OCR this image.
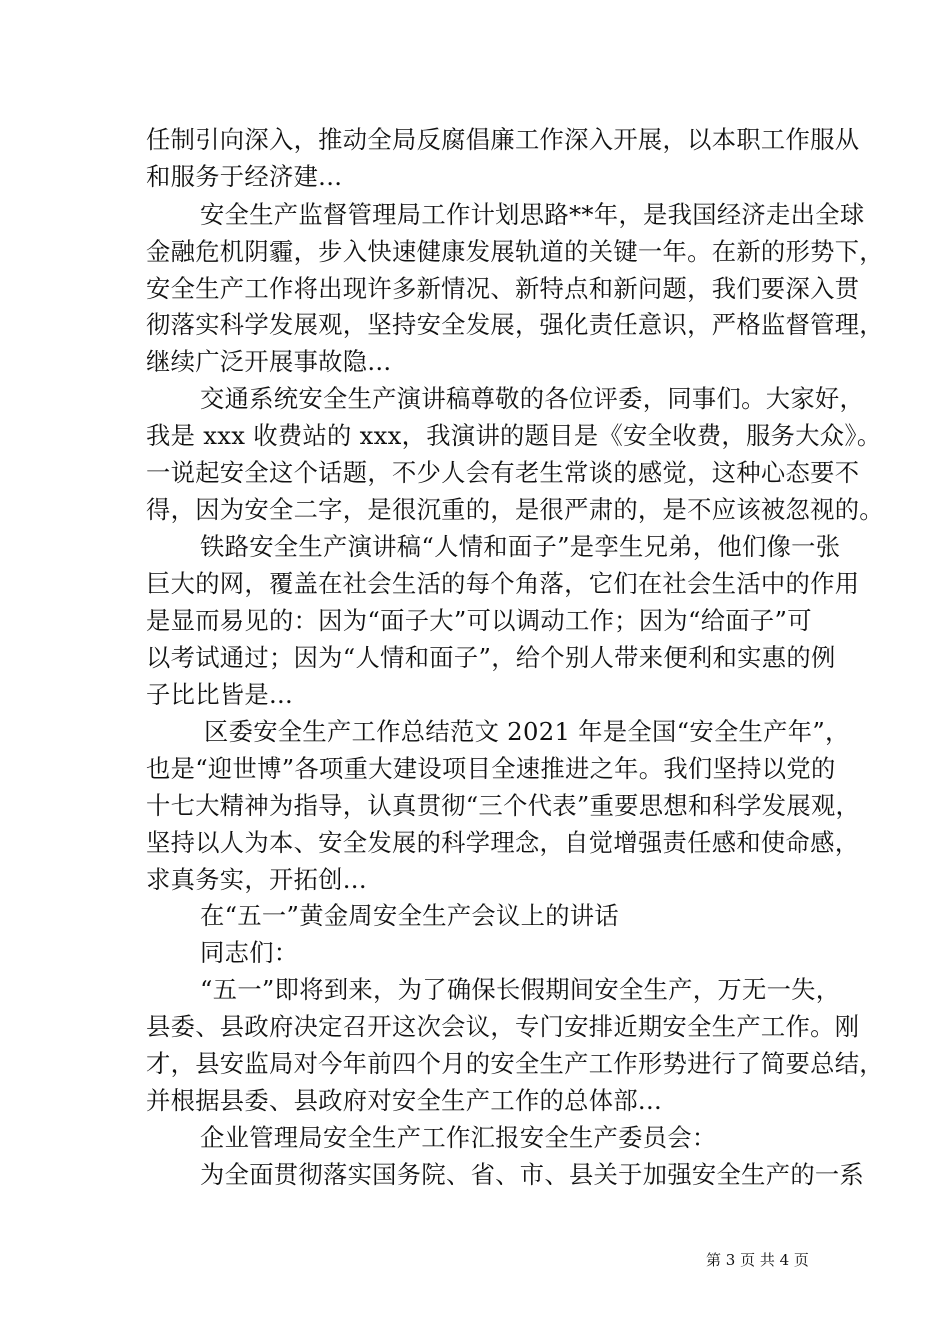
任制引向深入，推动全局反腐倡廉工作深入开展，以本职工作服从
和服务于经济建...
安全生产监督管理局工作计划思路**年，是我国经济走出全球
金融危机阴霾，步入快速健康发展轨道的关键一年。在新的形势下，
安全生产工作将出现许多新情况、新特点和新问题，我们要深入贯
彻落实科学发展观，坚持安全发展，强化责任意识，严格监督管理，
继续广泛开展事故隐...
交通系统安全生产演讲稿尊敬的各位评委，同事们。大家好，
我是 xxx 收费站的 xxx，我演讲的题目是《安全收费，服务大众》。
一说起安全这个话题，不少人会有老生常谈的感觉，这种心态要不
得，因为安全二字，是很沉重的，是很严肃的，是不应该被忽视的。
铁路安全生产演讲稿“人情和面子”是孪生兄弟，他们像一张
巨大的网，覆盖在社会生活的每个角落，它们在社会生活中的作用
是显而易见的：因为“面子大”可以调动工作；因为“给面子”可
以考试通过；因为“人情和面子”，给个别人带来便利和实惠的例
子比比皆是...
区委安全生产工作总结范文 2021 年是全国“安全生产年”，
也是“迎世博”各项重大建设项目全速推进之年。我们坚持以党的
十七大精神为指导，认真贯彻“三个代表”重要思想和科学发展观，
坚持以人为本、安全发展的科学理念，自觉增强责任感和使命感，
求真务实，开拓创...
在“五一”黄金周安全生产会议上的讲话
同志们：
“五一”即将到来，为了确保长假期间安全生产，万无一失，
县委、县政府决定召开这次会议，专门安排近期安全生产工作。刚
才，县安监局对今年前四个月的安全生产工作形势进行了简要总结，
并根据县委、县政府对安全生产工作的总体部...
企业管理局安全生产工作汇报安全生产委员会：
为全面贯彻落实国务院、省、市、县关于加强安全生产的一系
第 3 页 共 4 页
